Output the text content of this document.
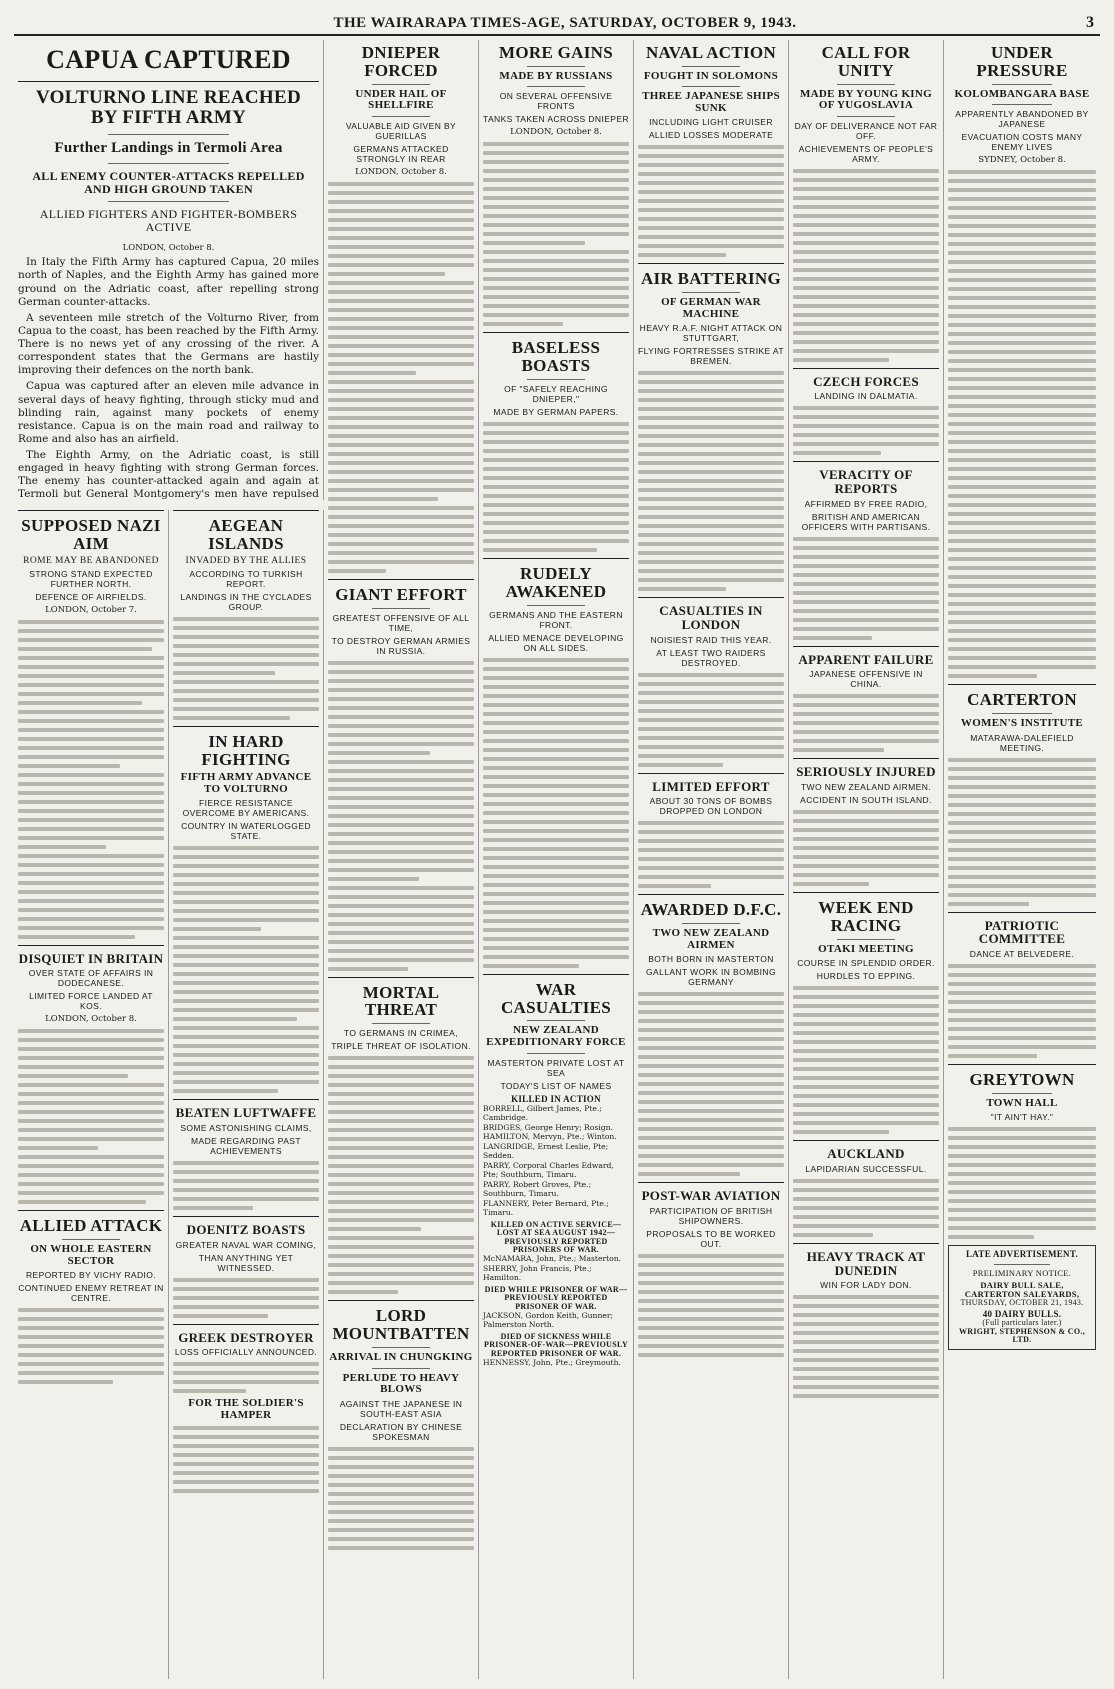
THE WAIRARAPA TIMES-AGE, SATURDAY, OCTOBER 9, 1943.	3
CAPUA CAPTURED
VOLTURNO LINE REACHED BY FIFTH ARMY
Further Landings in Termoli Area
ALL ENEMY COUNTER-ATTACKS REPELLED AND HIGH GROUND TAKEN
ALLIED FIGHTERS AND FIGHTER-BOMBERS ACTIVE
LONDON, October 8.

In Italy the Fifth Army has captured Capua, 20 miles north of Naples, and the Eighth Army has gained more ground on the Adriatic coast, after repelling strong German counter-attacks.

A seventeen mile stretch of the Volturno River, from Capua to the coast, has been reached by the Fifth Army. There is no news yet of any crossing of the river. A correspondent states that the Germans are hastily improving their defences on the north bank.

Capua was captured after an eleven mile advance in several days of heavy fighting, through sticky mud and blinding rain, against many pockets of enemy resistance. Capua is on the main road and railway to Rome and also has an airfield.

The Eighth Army, on the Adriatic coast, is still engaged in heavy fighting with strong German forces. The enemy has counter-attacked again and again at Termoli but General Montgomery's men have repulsed

SUPPOSED NAZI AIM
ROME MAY BE ABANDONED
STRONG STAND EXPECTED FURTHER NORTH.
DEFENCE OF AIRFIELDS.
LONDON, October 7.
DISQUIET IN BRITAIN
OVER STATE OF AFFAIRS IN DODECANESE.
LIMITED FORCE LANDED AT KOS.
LONDON, October 8.
ALLIED ATTACK
ON WHOLE EASTERN SECTOR
REPORTED BY VICHY RADIO.
CONTINUED ENEMY RETREAT IN CENTRE.
AEGEAN ISLANDS
INVADED BY THE ALLIES
ACCORDING TO TURKISH REPORT.
LANDINGS IN THE CYCLADES GROUP.
IN HARD FIGHTING
FIFTH ARMY ADVANCE TO VOLTURNO
FIERCE RESISTANCE OVERCOME BY AMERICANS.
COUNTRY IN WATERLOGGED STATE.
BEATEN LUFTWAFFE
SOME ASTONISHING CLAIMS,
MADE REGARDING PAST ACHIEVEMENTS
DOENITZ BOASTS
GREATER NAVAL WAR COMING,
THAN ANYTHING YET WITNESSED.
GREEK DESTROYER
LOSS OFFICIALLY ANNOUNCED.
FOR THE SOLDIER'S HAMPER
DNIEPER FORCED
UNDER HAIL OF SHELLFIRE
VALUABLE AID GIVEN BY GUERILLAS
GERMANS ATTACKED STRONGLY IN REAR
LONDON, October 8.
GIANT EFFORT
GREATEST OFFENSIVE OF ALL TIME,
TO DESTROY GERMAN ARMIES IN RUSSIA.
MORTAL THREAT
TO GERMANS IN CRIMEA,
TRIPLE THREAT OF ISOLATION.
LORD MOUNTBATTEN
ARRIVAL IN CHUNGKING
PERLUDE TO HEAVY BLOWS
AGAINST THE JAPANESE IN SOUTH-EAST ASIA
DECLARATION BY CHINESE SPOKESMAN
MORE GAINS
MADE BY RUSSIANS
ON SEVERAL OFFENSIVE FRONTS
TANKS TAKEN ACROSS DNIEPER
LONDON, October 8.
BASELESS BOASTS
OF "SAFELY REACHING DNIEPER,"
MADE BY GERMAN PAPERS.
RUDELY AWAKENED
GERMANS AND THE EASTERN FRONT.
ALLIED MENACE DEVELOPING ON ALL SIDES.
WAR CASUALTIES
NEW ZEALAND EXPEDITIONARY FORCE
MASTERTON PRIVATE LOST AT SEA
TODAY'S LIST OF NAMES
KILLED IN ACTION
BORRELL, Gilbert James, Pte.; Cambridge.
BRIDGES, George Henry; Rosign.
HAMILTON, Mervyn, Pte.; Winton.
LANGRIDGE, Ernest Leslie, Pte; Sedden.
PARRY, Corporal Charles Edward, Pte; Southburn, Timaru.
PARRY, Robert Groves, Pte.; Southburn, Timaru.
FLANNERY, Peter Bernard, Pte.; Timaru.
KILLED ON ACTIVE SERVICE— LOST AT SEA AUGUST 1942— PREVIOUSLY REPORTED PRISONERS OF WAR.
McNAMARA, John, Pte.; Masterton.
SHERRY, John Francis, Pte.; Hamilton.
DIED WHILE PRISONER OF WAR— PREVIOUSLY REPORTED PRISONER OF WAR.
JACKSON, Gordon Keith, Gunner; Palmerston North.
DIED OF SICKNESS WHILE PRISONER-OF-WAR—PREVIOUSLY REPORTED PRISONER OF WAR.
HENNESSY, John, Pte.; Greymouth.
NAVAL ACTION
FOUGHT IN SOLOMONS
THREE JAPANESE SHIPS SUNK
INCLUDING LIGHT CRUISER
ALLIED LOSSES MODERATE
AIR BATTERING
OF GERMAN WAR MACHINE
HEAVY R.A.F. NIGHT ATTACK ON STUTTGART,
FLYING FORTRESSES STRIKE AT BREMEN.
CASUALTIES IN LONDON
NOISIEST RAID THIS YEAR.
AT LEAST TWO RAIDERS DESTROYED.
LIMITED EFFORT
ABOUT 30 TONS OF BOMBS DROPPED ON LONDON
AWARDED D.F.C.
TWO NEW ZEALAND AIRMEN
BOTH BORN IN MASTERTON
GALLANT WORK IN BOMBING GERMANY
POST-WAR AVIATION
PARTICIPATION OF BRITISH SHIPOWNERS.
PROPOSALS TO BE WORKED OUT.
CALL FOR UNITY
MADE BY YOUNG KING OF YUGOSLAVIA
DAY OF DELIVERANCE NOT FAR OFF.
ACHIEVEMENTS OF PEOPLE'S ARMY.
CZECH FORCES
LANDING IN DALMATIA.
VERACITY OF REPORTS
AFFIRMED BY FREE RADIO,
BRITISH AND AMERICAN OFFICERS WITH PARTISANS.
APPARENT FAILURE
JAPANESE OFFENSIVE IN CHINA.
SERIOUSLY INJURED
TWO NEW ZEALAND AIRMEN.
ACCIDENT IN SOUTH ISLAND.
WEEK END RACING
OTAKI MEETING
COURSE IN SPLENDID ORDER.
HURDLES TO EPPING.
AUCKLAND
LAPIDARIAN SUCCESSFUL.
HEAVY TRACK AT DUNEDIN
WIN FOR LADY DON.
UNDER PRESSURE
KOLOMBANGARA BASE
APPARENTLY ABANDONED BY JAPANESE
EVACUATION COSTS MANY ENEMY LIVES
SYDNEY, October 8.
CARTERTON
WOMEN'S INSTITUTE
MATARAWA-DALEFIELD MEETING.
PATRIOTIC COMMITTEE
DANCE AT BELVEDERE.
GREYTOWN
TOWN HALL
"IT AIN'T HAY."
LATE ADVERTISEMENT.
PRELIMINARY NOTICE.
DAIRY BULL SALE,
CARTERTON SALEYARDS,
THURSDAY, OCTOBER 21, 1943.
40 DAIRY BULLS.
(Full particulars later.)
WRIGHT, STEPHENSON & CO., LTD.
